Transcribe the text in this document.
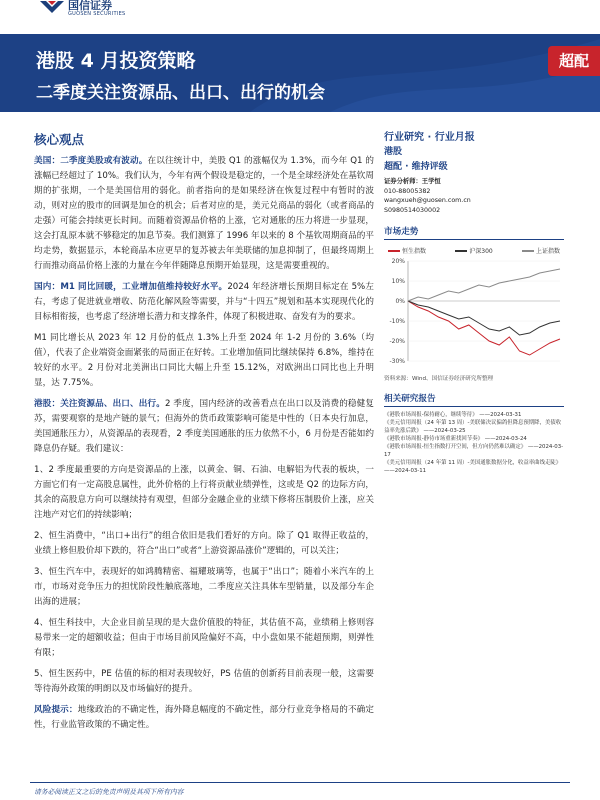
国信证券
GUOSEN SECURITIES
港股 4 月投资策略
二季度关注资源品、出口、出行的机会
超配
核心观点

美国：二季度美股或有波动。在以往统计中，美股 Q1 的涨幅仅为 1.3%，而今年 Q1 的涨幅已经超过了 10%。我们认为，今年有两个假设是稳定的，一个是全球经济处在基钦周期的扩张期，一个是美国信用的弱化。前者指向的是如果经济在恢复过程中有暂时的波动，则对应的股市的回调是加仓的机会；后者对应的是，美元兑商品的弱化（或者商品的走强）可能会持续更长时间。而随着资源品价格的上涨，它对通胀的压力将进一步显现，这会打乱原本就不够稳定的加息节奏。我们测算了 1996 年以来的 8 个基钦周期商品的平均走势，数据显示，本轮商品本应更早的复苏被去年美联储的加息抑制了，但最终周期上行而推动商品价格上涨的力量在今年伴随降息预期开始显现，这是需要重视的。

国内：M1 同比回暖，工业增加值维持较好水平。2024 年经济增长预期目标定在 5%左右，考虑了促进就业增收、防范化解风险等需要，并与“十四五”规划和基本实现现代化的目标相衔接，也考虑了经济增长潜力和支撑条件，体现了积极进取、奋发有为的要求。

M1 同比增长从 2023 年 12 月份的低点 1.3%上升至 2024 年 1-2 月份的 3.6%（均值），代表了企业端资金面紧张的局面正在好转。工业增加值同比继续保持 6.8%，维持在较好的水平。2 月份对北美洲出口同比大幅上升至 15.12%，对欧洲出口同比也上升明显，达 7.75%。

港股：关注资源品、出口、出行。2 季度，国内经济的改善看点在出口以及消费的稳健复苏，需要观察的是地产链的景气；但海外的货币政策影响可能是中性的（日本央行加息，美国通胀压力），从资源品的表现看，2 季度美国通胀的压力依然不小，6 月份是否能如约降息仍存疑。我们建议：

1、2 季度最重要的方向是资源品的上涨，以黄金、铜、石油、电解铝为代表的板块，一方面它们有一定高股息属性，此外价格的上行将贡献业绩弹性，这或是 Q2 的边际方向，其余的高股息方向可以继续持有观望，但部分金融企业的业绩下修将压制股价上涨，应关注地产对它们的持续影响；

2、恒生消费中，“出口+出行”的组合依旧是我们看好的方向。除了 Q1 取得正收益的，业绩上修但股价却下跌的，符合“出口”或者“上游资源品涨价”逻辑的，可以关注；

3、恒生汽车中，表现好的如鸿腾精密、福耀玻璃等，也属于“出口”；随着小米汽车的上市，市场对竞争压力的担忧阶段性触底落地，二季度应关注具体车型销量，以及部分车企出海的进展；

4、恒生科技中，大企业目前呈现的是大盘价值股的特征，其估值不高，业绩稍上修则容易带来一定的超额收益；但由于市场目前风险偏好不高，中小盘如果不能超预期，则弹性有限；

5、恒生医药中，PE 估值的标的相对表现较好，PS 估值的创新药目前表现一般，这需要等待海外政策的明朗以及市场偏好的提升。

风险提示：地缘政治的不确定性，海外降息幅度的不确定性，部分行业竞争格局的不确定性，行业监管政策的不确定性。

行业研究 · 行业月报
港股
超配 · 维持评级
证券分析师：王学恒
010-88005382
wangxueh@guosen.com.cn
S0980514030002
市场走势
恒生指数	沪深300	上证指数
20%
10%
0%
-10%
-20%
-30%
资料来源：Wind、国信证券经济研究所整理
相关研究报告
《港股市场周报-保持耐心，继续等待》 ——2024-03-31
《美元信用周报（24 年第 13 周）-美联储决议偏鸽但降息预期降，美债收益率先涨后跌》 ——2024-03-25
《港股市场周报-静待市场重新找回节奏》 ——2024-03-24
《港股市场周报-恒生指数打开空间，但方向仍然难以确定》 ——2024-03-17
《美元信用周报（24 年第 11 周）-美国通胀数据分化，收益率曲线走陡》 ——2024-03-11
请务必阅读正文之后的免责声明及其项下所有内容
